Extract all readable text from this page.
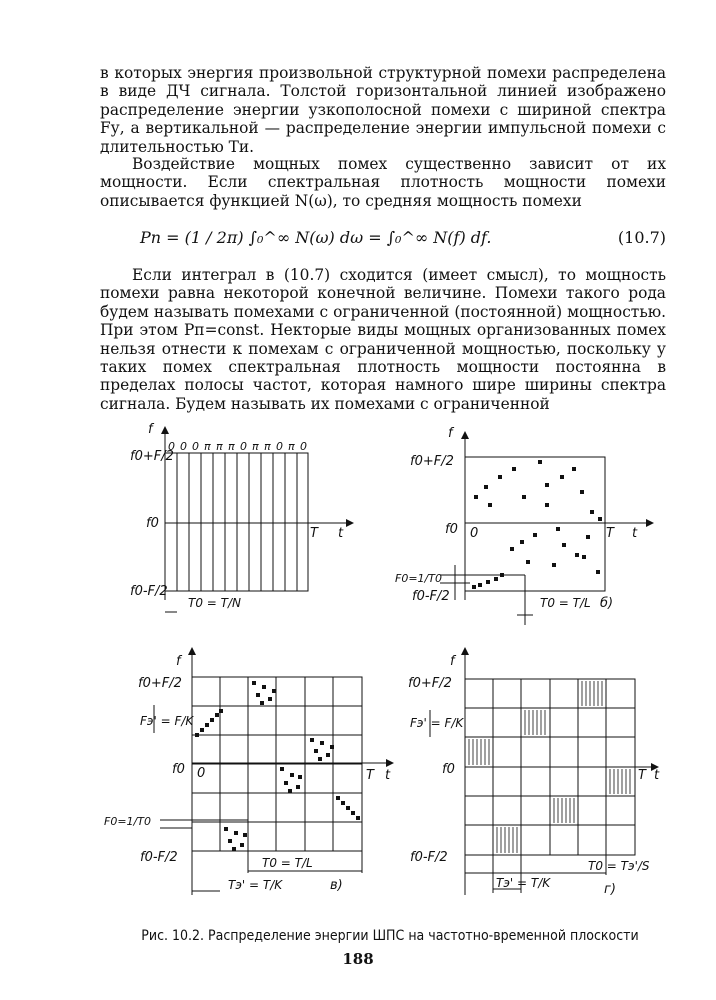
в которых энергия произвольной структурной помехи распределена в виде ДЧ сигнала. Толстой горизонтальной линией изображено распределение энергии узкополосной помехи с шириной спектра Fу, а вертикальной — распределение энергии импульсной помехи с длительностью Tи.
Воздействие мощных помех существенно зависит от их мощности. Если спектральная плотность мощности помехи описывается функцией N(ω), то средняя мощность помехи
Pп = (1 / 2π) ∫₀^∞ N(ω) dω = ∫₀^∞ N(f) df.	(10.7)
Если интеграл в (10.7) сходится (имеет смысл), то мощность помехи равна некоторой конечной величине. Помехи такого рода будем называть помехами с ограниченной (постоянной) мощностью. При этом Pп=const. Некторые виды мощных организованных помех нельзя отнести к помехам с ограниченной мощностью, поскольку у таких помех спектральная плотность мощности постоянна в пределах полосы частот, которая намного шире ширины спектра сигнала. Будем называть их помехами с ограниченной
0 0 0 π π π 0 π π 0 π 0
f
f0+F/2
f0
f0-F/2
T t
T0 = T/N
f
f0+F/2
f0 0	T t
F0=1/T0
f0-F/2	T0 = T/L б)
f
f0+F/2
Fэ' = F/K
f0 0	T t
F0=1/T0
f0-F/2	T0 = T/L
Tэ' = T/K	в)
f
f0+F/2
Fэ' = F/K
f0	T t
f0-F/2
Tэ' = T/K
T0 = Tэ'/S
г)
Рис. 10.2. Распределение энергии ШПС на частотно-временной плоскости
188
